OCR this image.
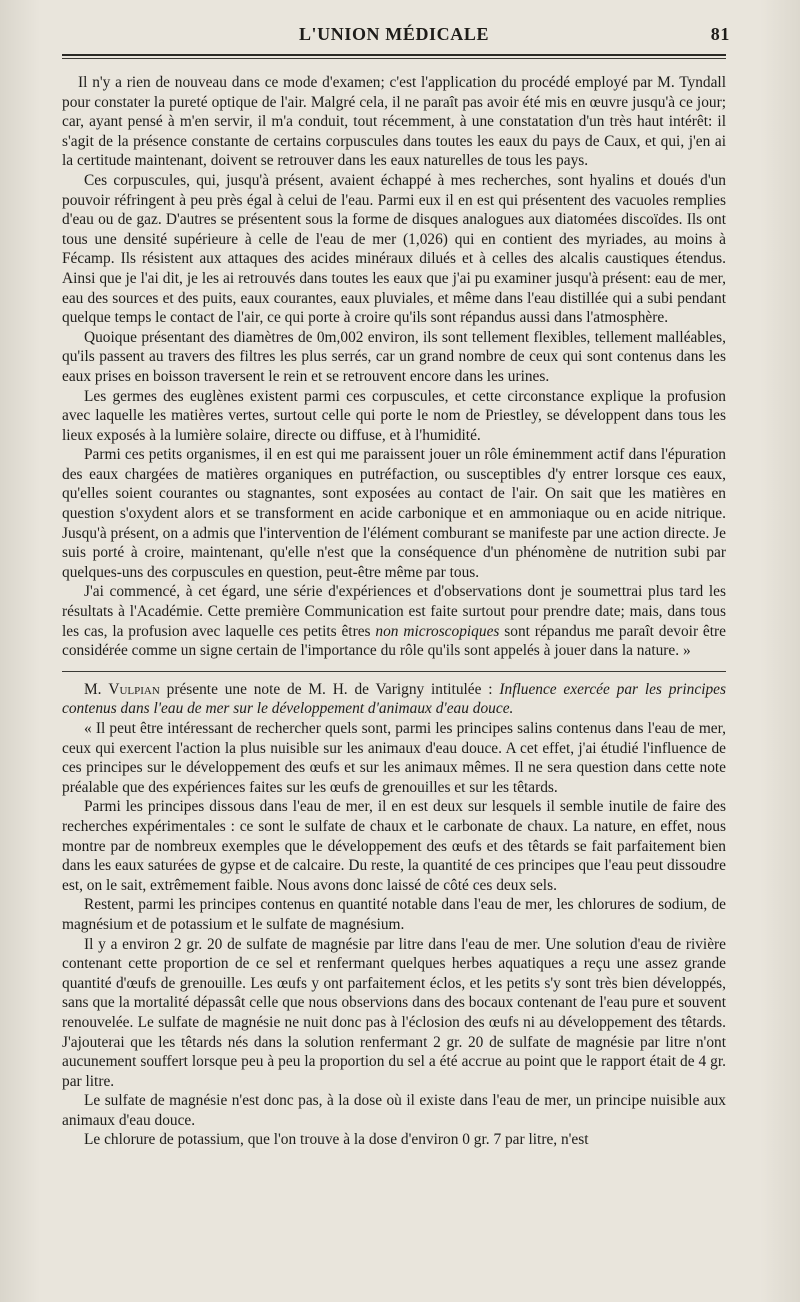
L'UNION MÉDICALE	81

Il n'y a rien de nouveau dans ce mode d'examen; c'est l'application du procédé employé par M. Tyndall pour constater la pureté optique de l'air. Malgré cela, il ne paraît pas avoir été mis en œuvre jusqu'à ce jour; car, ayant pensé à m'en servir, il m'a conduit, tout récemment, à une constatation d'un très haut intérêt: il s'agit de la présence constante de certains corpuscules dans toutes les eaux du pays de Caux, et qui, j'en ai la certitude maintenant, doivent se retrouver dans les eaux naturelles de tous les pays.

Ces corpuscules, qui, jusqu'à présent, avaient échappé à mes recherches, sont hyalins et doués d'un pouvoir réfringent à peu près égal à celui de l'eau. Parmi eux il en est qui présentent des vacuoles remplies d'eau ou de gaz. D'autres se présentent sous la forme de disques analogues aux diatomées discoïdes. Ils ont tous une densité supérieure à celle de l'eau de mer (1,026) qui en contient des myriades, au moins à Fécamp. Ils résistent aux attaques des acides minéraux dilués et à celles des alcalis caustiques étendus. Ainsi que je l'ai dit, je les ai retrouvés dans toutes les eaux que j'ai pu examiner jusqu'à présent: eau de mer, eau des sources et des puits, eaux courantes, eaux pluviales, et même dans l'eau distillée qui a subi pendant quelque temps le contact de l'air, ce qui porte à croire qu'ils sont répandus aussi dans l'atmosphère.

Quoique présentant des diamètres de 0m,002 environ, ils sont tellement flexibles, tellement malléables, qu'ils passent au travers des filtres les plus serrés, car un grand nombre de ceux qui sont contenus dans les eaux prises en boisson traversent le rein et se retrouvent encore dans les urines.

Les germes des euglènes existent parmi ces corpuscules, et cette circonstance explique la profusion avec laquelle les matières vertes, surtout celle qui porte le nom de Priestley, se développent dans tous les lieux exposés à la lumière solaire, directe ou diffuse, et à l'humidité.

Parmi ces petits organismes, il en est qui me paraissent jouer un rôle éminemment actif dans l'épuration des eaux chargées de matières organiques en putréfaction, ou susceptibles d'y entrer lorsque ces eaux, qu'elles soient courantes ou stagnantes, sont exposées au contact de l'air. On sait que les matières en question s'oxydent alors et se transforment en acide carbonique et en ammoniaque ou en acide nitrique. Jusqu'à présent, on a admis que l'intervention de l'élément comburant se manifeste par une action directe. Je suis porté à croire, maintenant, qu'elle n'est que la conséquence d'un phénomène de nutrition subi par quelques-uns des corpuscules en question, peut-être même par tous.

J'ai commencé, à cet égard, une série d'expériences et d'observations dont je soumettrai plus tard les résultats à l'Académie. Cette première Communication est faite surtout pour prendre date; mais, dans tous les cas, la profusion avec laquelle ces petits êtres non microscopiques sont répandus me paraît devoir être considérée comme un signe certain de l'importance du rôle qu'ils sont appelés à jouer dans la nature. »

M. Vulpian présente une note de M. H. de Varigny intitulée : Influence exercée par les principes contenus dans l'eau de mer sur le développement d'animaux d'eau douce.

« Il peut être intéressant de rechercher quels sont, parmi les principes salins contenus dans l'eau de mer, ceux qui exercent l'action la plus nuisible sur les animaux d'eau douce. A cet effet, j'ai étudié l'influence de ces principes sur le développement des œufs et sur les animaux mêmes. Il ne sera question dans cette note préalable que des expériences faites sur les œufs de grenouilles et sur les têtards.

Parmi les principes dissous dans l'eau de mer, il en est deux sur lesquels il semble inutile de faire des recherches expérimentales : ce sont le sulfate de chaux et le carbonate de chaux. La nature, en effet, nous montre par de nombreux exemples que le développement des œufs et des têtards se fait parfaitement bien dans les eaux saturées de gypse et de calcaire. Du reste, la quantité de ces principes que l'eau peut dissoudre est, on le sait, extrêmement faible. Nous avons donc laissé de côté ces deux sels.

Restent, parmi les principes contenus en quantité notable dans l'eau de mer, les chlorures de sodium, de magnésium et de potassium et le sulfate de magnésium.

Il y a environ 2 gr. 20 de sulfate de magnésie par litre dans l'eau de mer. Une solution d'eau de rivière contenant cette proportion de ce sel et renfermant quelques herbes aquatiques a reçu une assez grande quantité d'œufs de grenouille. Les œufs y ont parfaitement éclos, et les petits s'y sont très bien développés, sans que la mortalité dépassât celle que nous observions dans des bocaux contenant de l'eau pure et souvent renouvelée. Le sulfate de magnésie ne nuit donc pas à l'éclosion des œufs ni au développement des têtards. J'ajouterai que les têtards nés dans la solution renfermant 2 gr. 20 de sulfate de magnésie par litre n'ont aucunement souffert lorsque peu à peu la proportion du sel a été accrue au point que le rapport était de 4 gr. par litre.

Le sulfate de magnésie n'est donc pas, à la dose où il existe dans l'eau de mer, un principe nuisible aux animaux d'eau douce.

Le chlorure de potassium, que l'on trouve à la dose d'environ 0 gr. 7 par litre, n'est
